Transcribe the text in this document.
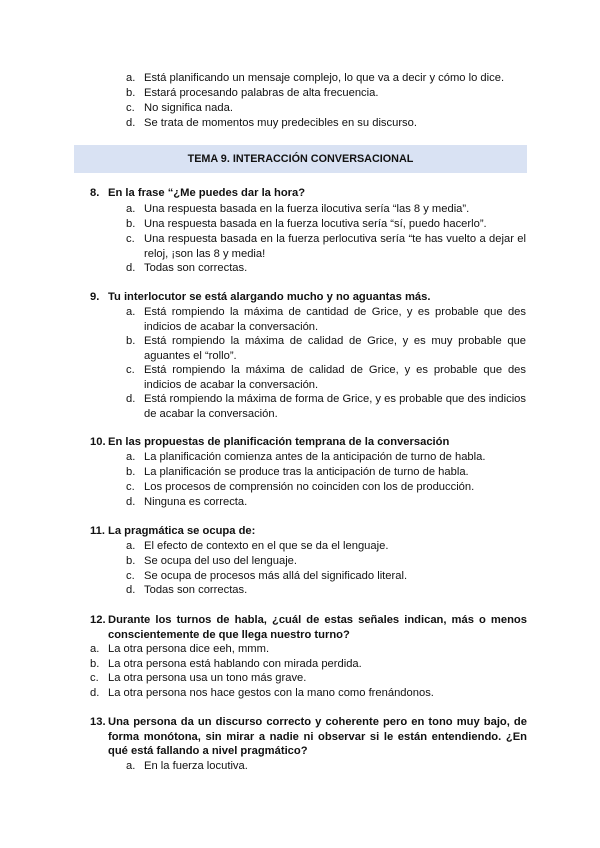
a. Está planificando un mensaje complejo, lo que va a decir y cómo lo dice.
b. Estará procesando palabras de alta frecuencia.
c. No significa nada.
d. Se trata de momentos muy predecibles en su discurso.
TEMA 9. INTERACCIÓN CONVERSACIONAL
8. En la frase “¿Me puedes dar la hora?
a. Una respuesta basada en la fuerza ilocutiva sería “las 8 y media”.
b. Una respuesta basada en la fuerza locutiva sería “sí, puedo hacerlo”.
c. Una respuesta basada en la fuerza perlocutiva sería “te has vuelto a dejar el reloj, ¡son las 8 y media!
d. Todas son correctas.
9. Tu interlocutor se está alargando mucho y no aguantas más.
a. Está rompiendo la máxima de cantidad de Grice, y es probable que des indicios de acabar la conversación.
b. Está rompiendo la máxima de calidad de Grice, y es muy probable que aguantes el “rollo”.
c. Está rompiendo la máxima de calidad de Grice, y es probable que des indicios de acabar la conversación.
d. Está rompiendo la máxima de forma de Grice, y es probable que des indicios de acabar la conversación.
10. En las propuestas de planificación temprana de la conversación
a. La planificación comienza antes de la anticipación de turno de habla.
b. La planificación se produce tras la anticipación de turno de habla.
c. Los procesos de comprensión no coinciden con los de producción.
d. Ninguna es correcta.
11. La pragmática se ocupa de:
a. El efecto de contexto en el que se da el lenguaje.
b. Se ocupa del uso del lenguaje.
c. Se ocupa de procesos más allá del significado literal.
d. Todas son correctas.
12. Durante los turnos de habla, ¿cuál de estas señales indican, más o menos conscientemente de que llega nuestro turno?
a. La otra persona dice eeh, mmm.
b. La otra persona está hablando con mirada perdida.
c. La otra persona usa un tono más grave.
d. La otra persona nos hace gestos con la mano como frenándonos.
13. Una persona da un discurso correcto y coherente pero en tono muy bajo, de forma monótona, sin mirar a nadie ni observar si le están entendiendo. ¿En qué está fallando a nivel pragmático?
a. En la fuerza locutiva.
